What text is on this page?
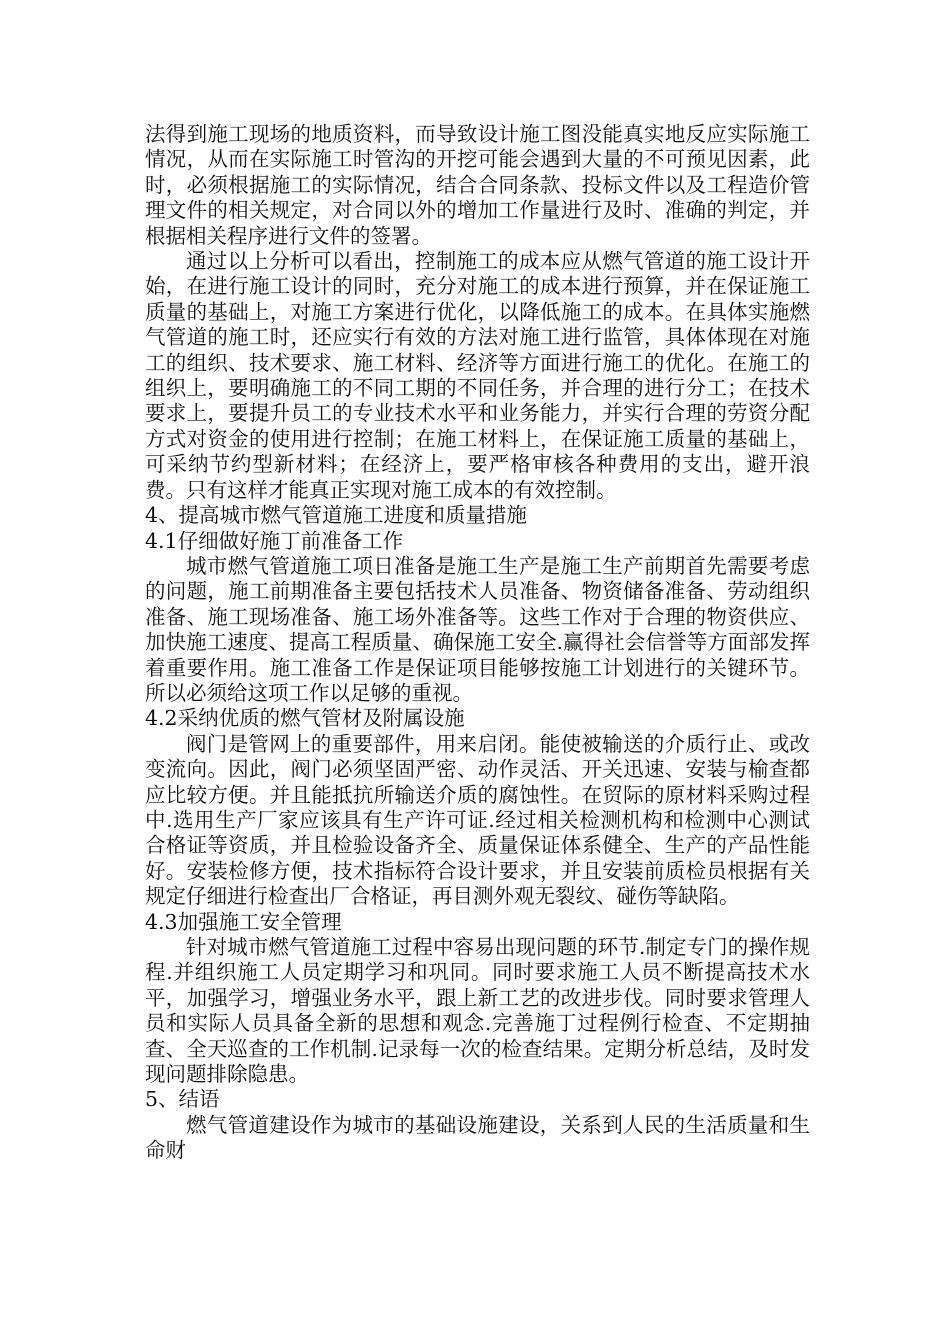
法得到施工现场的地质资料，而导致设计施工图没能真实地反应实际施工情况，从而在实际施工时管沟的开挖可能会遇到大量的不可预见因素，此时，必须根据施工的实际情况，结合合同条款、投标文件以及工程造价管理文件的相关规定，对合同以外的增加工作量进行及时、准确的判定，并根据相关程序进行文件的签署。

通过以上分析可以看出，控制施工的成本应从燃气管道的施工设计开始，在进行施工设计的同时，充分对施工的成本进行预算，并在保证施工质量的基础上，对施工方案进行优化，以降低施工的成本。在具体实施燃气管道的施工时，还应实行有效的方法对施工进行监管，具体体现在对施工的组织、技术要求、施工材料、经济等方面进行施工的优化。在施工的组织上，要明确施工的不同工期的不同任务，并合理的进行分工；在技术要求上，要提升员工的专业技术水平和业务能力，并实行合理的劳资分配方式对资金的使用进行控制；在施工材料上，在保证施工质量的基础上，可采纳节约型新材料；在经济上，要严格审核各种费用的支出，避开浪费。只有这样才能真正实现对施工成本的有效控制。

4、提高城市燃气管道施工进度和质量措施

4.1仔细做好施丁前准备工作

城市燃气管道施工项日准备是施工生产是施工生产前期首先需要考虑的问题，施工前期准备主要包括技术人员准备、物资储备准备、劳动组织准备、施工现场准备、施工场外准备等。这些工作对于合理的物资供应、加快施工速度、提高工程质量、确保施工安全.赢得社会信誉等方面部发挥着重要作用。施工准备工作是保证项目能够按施工计划进行的关键环节。所以必须给这项工作以足够的重视。

4.2采纳优质的燃气管材及附属设施

阀门是管网上的重要部件，用来启闭。能使被输送的介质行止、或改变流向。因此，阀门必须坚固严密、动作灵活、开关迅速、安装与榆查都应比较方便。并且能抵抗所输送介质的腐蚀性。在贸际的原材料采购过程中.选用生产厂家应该具有生产许可证.经过相关检测机构和检测中心测试合格证等资质，并且检验设备齐全、质量保证体系健全、生产的产品性能好。安装检修方便，技术指标符合设计要求，并且安装前质检员根据有关规定仔细进行检查出厂合格证，再目测外观无裂纹、碰伤等缺陷。

4.3加强施工安全管理

针对城市燃气管道施工过程中容易出现问题的环节.制定专门的操作规程.并组织施工人员定期学习和巩同。同时要求施工人员不断提高技术水平，加强学习，增强业务水平，跟上新工艺的改进步伐。同时要求管理人员和实际人员具备全新的思想和观念.完善施丁过程例行检查、不定期抽查、全天巡查的工作机制.记录每一次的检查结果。定期分析总结，及时发现问题排除隐患。

5、结语

燃气管道建设作为城市的基础设施建设，关系到人民的生活质量和生命财
